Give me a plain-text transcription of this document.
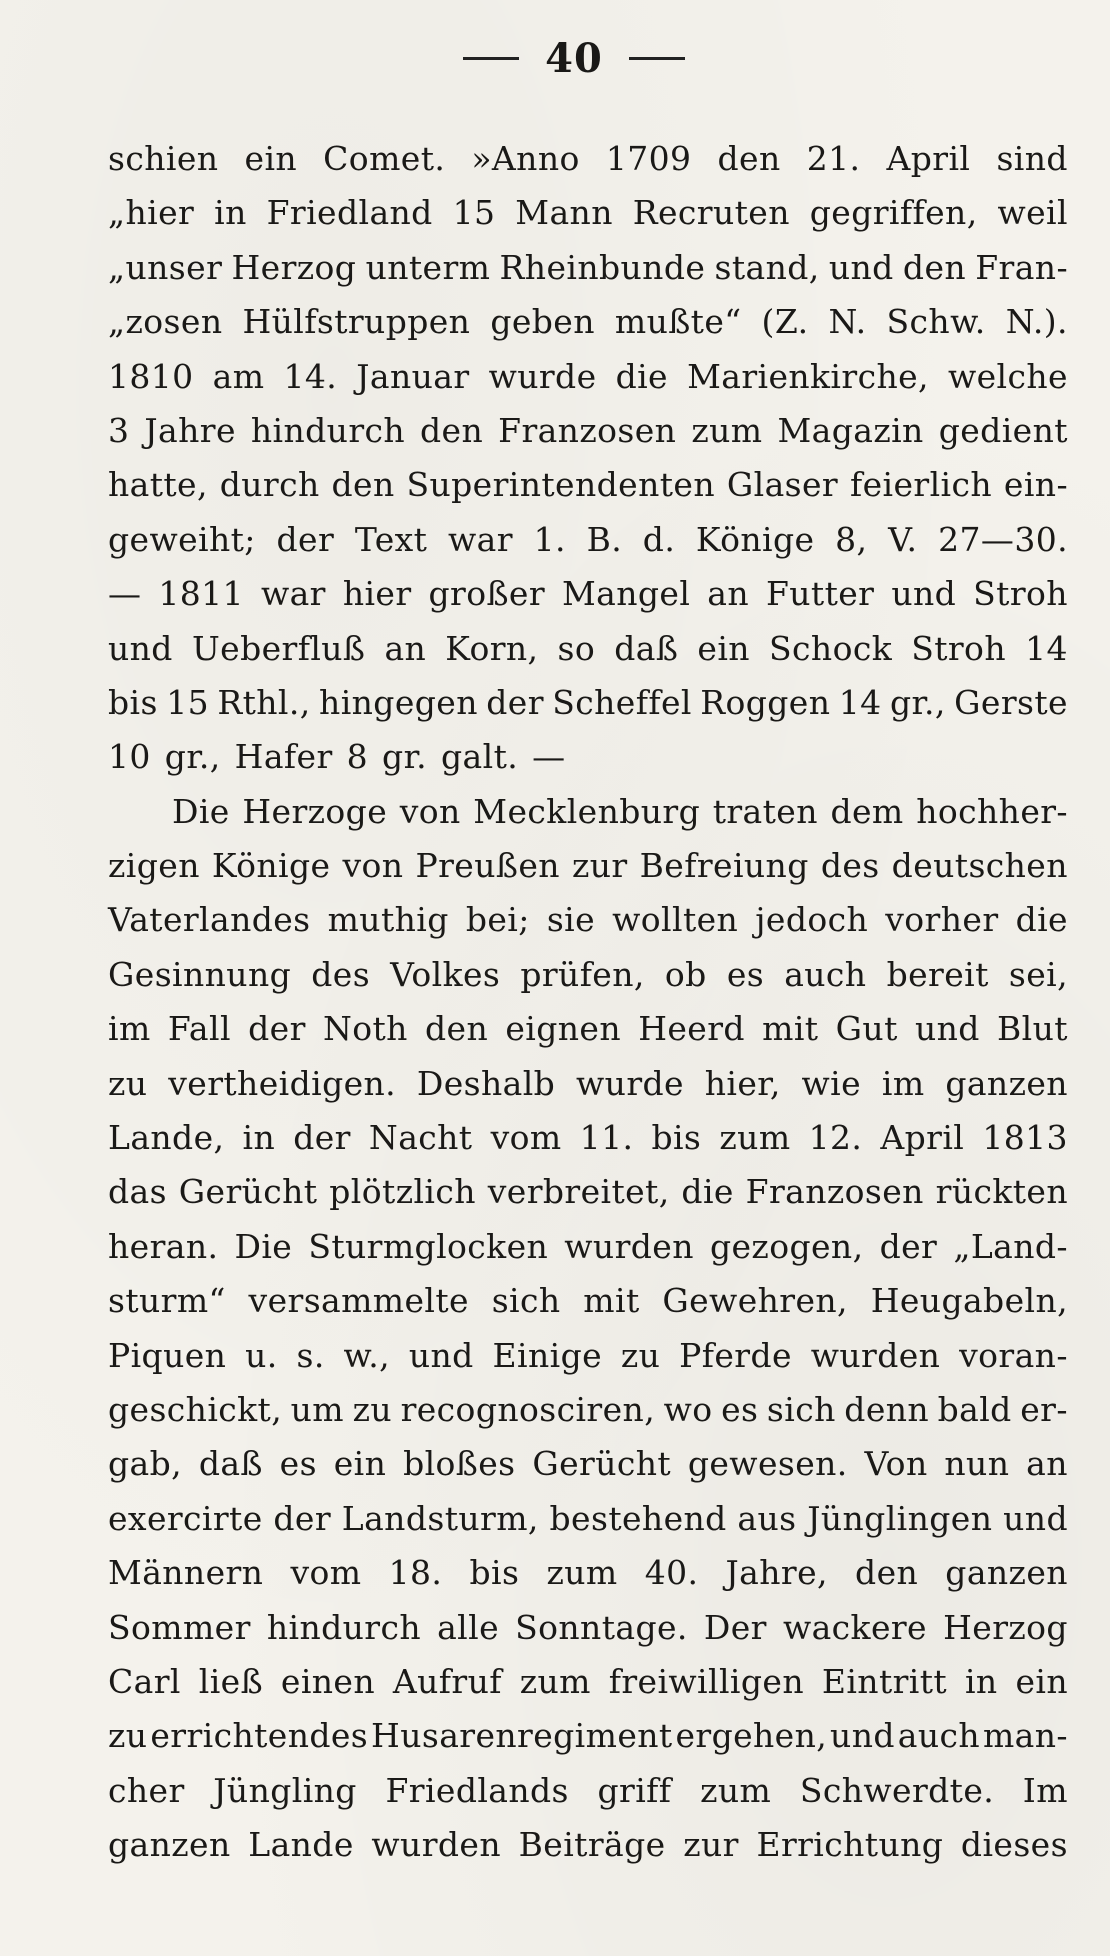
40
schien ein Comet. »Anno 1709 den 21. April sind
„hier in Friedland 15 Mann Recruten gegriffen, weil
„unser Herzog unterm Rheinbunde stand, und den Fran-
„zosen Hülfstruppen geben mußte“ (Z. N. Schw. N.).
1810 am 14. Januar wurde die Marienkirche, welche
3 Jahre hindurch den Franzosen zum Magazin gedient
hatte, durch den Superintendenten Glaser feierlich ein-
geweiht; der Text war 1. B. d. Könige 8, V. 27—30.
— 1811 war hier großer Mangel an Futter und Stroh
und Ueberfluß an Korn, so daß ein Schock Stroh 14
bis 15 Rthl., hingegen der Scheffel Roggen 14 gr., Gerste
10 gr., Hafer 8 gr. galt. —
Die Herzoge von Mecklenburg traten dem hochher-
zigen Könige von Preußen zur Befreiung des deutschen
Vaterlandes muthig bei; sie wollten jedoch vorher die
Gesinnung des Volkes prüfen, ob es auch bereit sei,
im Fall der Noth den eignen Heerd mit Gut und Blut
zu vertheidigen. Deshalb wurde hier, wie im ganzen
Lande, in der Nacht vom 11. bis zum 12. April 1813
das Gerücht plötzlich verbreitet, die Franzosen rückten
heran. Die Sturmglocken wurden gezogen, der „Land-
sturm“ versammelte sich mit Gewehren, Heugabeln,
Piquen u. s. w., und Einige zu Pferde wurden voran-
geschickt, um zu recognosciren, wo es sich denn bald er-
gab, daß es ein bloßes Gerücht gewesen. Von nun an
exercirte der Landsturm, bestehend aus Jünglingen und
Männern vom 18. bis zum 40. Jahre, den ganzen
Sommer hindurch alle Sonntage. Der wackere Herzog
Carl ließ einen Aufruf zum freiwilligen Eintritt in ein
zu errichtendes Husarenregiment ergehen, und auch man-
cher Jüngling Friedlands griff zum Schwerdte. Im
ganzen Lande wurden Beiträge zur Errichtung dieses
